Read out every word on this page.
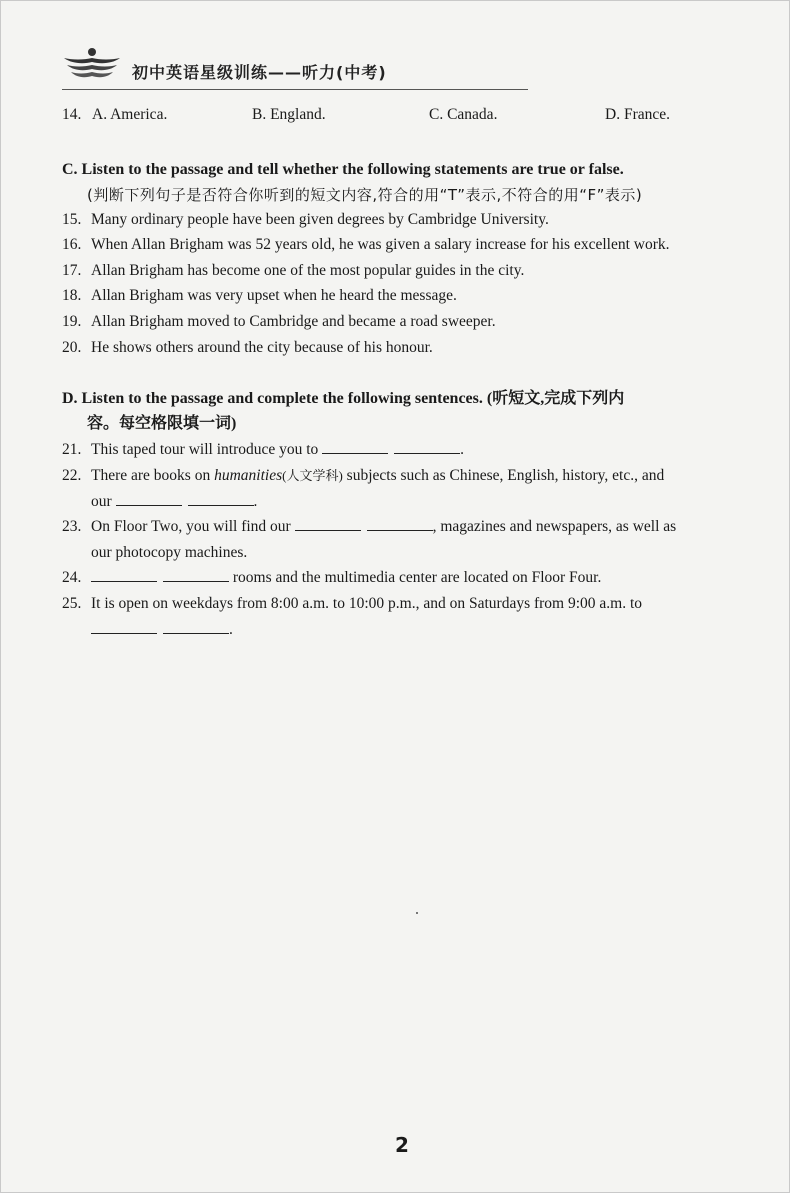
初中英语星级训练——听力(中考)
14. A. America.	B. England.	C. Canada.	D. France.
C. Listen to the passage and tell whether the following statements are true or false.
(判断下列句子是否符合你听到的短文内容,符合的用“T”表示,不符合的用“F”表示)
15. Many ordinary people have been given degrees by Cambridge University.
16. When Allan Brigham was 52 years old, he was given a salary increase for his excellent work.
17. Allan Brigham has become one of the most popular guides in the city.
18. Allan Brigham was very upset when he heard the message.
19. Allan Brigham moved to Cambridge and became a road sweeper.
20. He shows others around the city because of his honour.
D. Listen to the passage and complete the following sentences. (听短文,完成下列内
容。每空格限填一词)
21. This taped tour will introduce you to	.
22. There are books on humanities(人文学科) subjects such as Chinese, English, history, etc., and
our	.
23. On Floor Two, you will find our	, magazines and newspapers, as well as
our photocopy machines.
24.	rooms and the multimedia center are located on Floor Four.
25. It is open on weekdays from 8:00 a.m. to 10:00 p.m., and on Saturdays from 9:00 a.m. to
.
2
